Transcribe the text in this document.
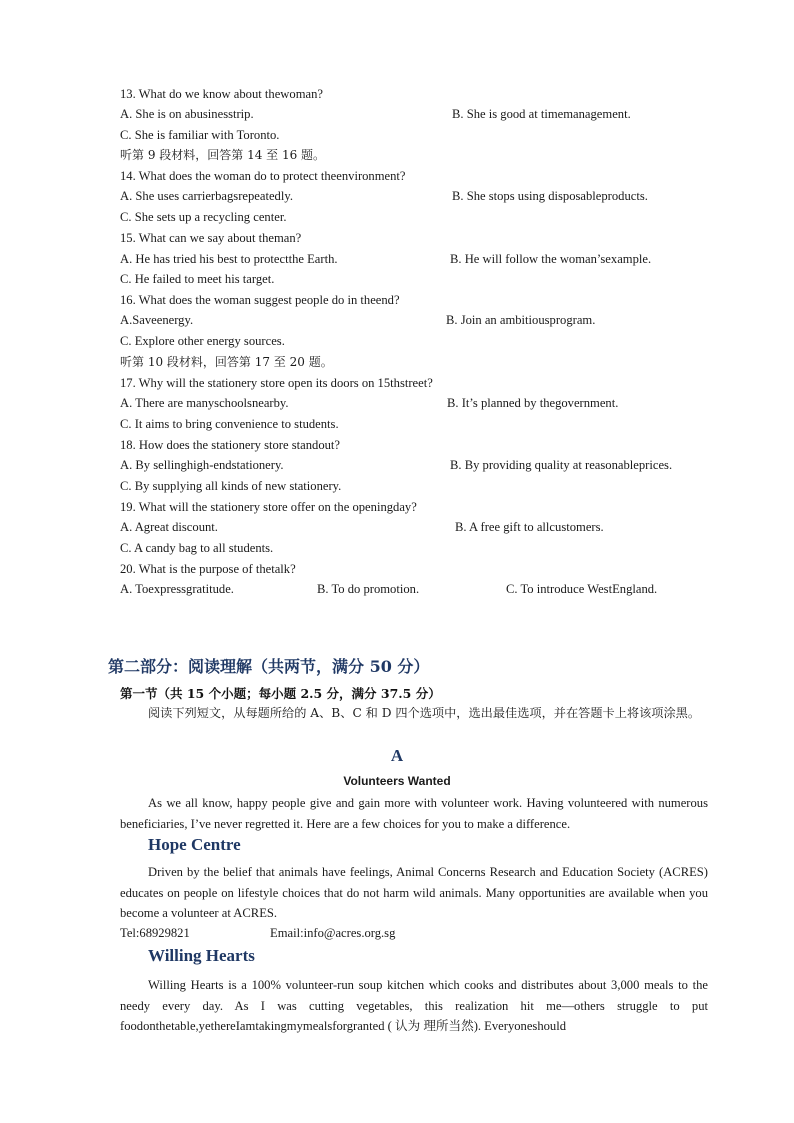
13. What do we know about thewoman?
A. She is on abusinesstrip.	B. She is good at timemanagement.
C. She is familiar with Toronto.
听第 9 段材料，回答第 14 至 16 题。
14. What does the woman do to protect theenvironment?
A. She uses carrierbagsrepeatedly.	B. She stops using disposableproducts.
C. She sets up a recycling center.
15. What can we say about theman?
A. He has tried his best to protectthe Earth.	B. He will follow the woman’sexample.
C. He failed to meet his target.
16. What does the woman suggest people do in theend?
A.Saveenergy.	B. Join an ambitiousprogram.
C. Explore other energy sources.
听第 10 段材料，回答第 17 至 20 题。
17. Why will the stationery store open its doors on 15thstreet?
A. There are manyschoolsnearby.	B. It’s planned by thegovernment.
C. It aims to bring convenience to students.
18. How does the stationery store standout?
A. By sellinghigh-endstationery.	B. By providing quality at reasonableprices.
C. By supplying all kinds of new stationery.
19. What will the stationery store offer on the openingday?
A. Agreat discount.	B. A free gift to allcustomers.
C. A candy bag to all students.
20. What is the purpose of thetalk?
A. Toexpressgratitude.	B. To do promotion.	C. To introduce WestEngland.
第二部分：阅读理解（共两节，满分 50 分）
第一节（共 15 个小题；每小题 2.5 分，满分 37.5 分）
阅读下列短文，从每题所给的 A、B、C 和 D 四个选项中，选出最佳选项，并在答题卡上将该项涂黑。
A
Volunteers Wanted
As we all know, happy people give and gain more with volunteer work. Having volunteered with numerous beneficiaries, I’ve never regretted it. Here are a few choices for you to make a difference.
Hope Centre
Driven by the belief that animals have feelings, Animal Concerns Research and Education Society (ACRES) educates on people on lifestyle choices that do not harm wild animals. Many opportunities are available when you become a volunteer at ACRES.
Tel:68929821	Email:info@acres.org.sg
Willing Hearts
Willing Hearts is a 100% volunteer-run soup kitchen which cooks and distributes about 3,000 meals to the needy every day. As I was cutting vegetables, this realization hit me—others struggle to put foodonthetable,yethereIamtakingmymealsforgranted ( 认为 理所当然). Everyoneshould
